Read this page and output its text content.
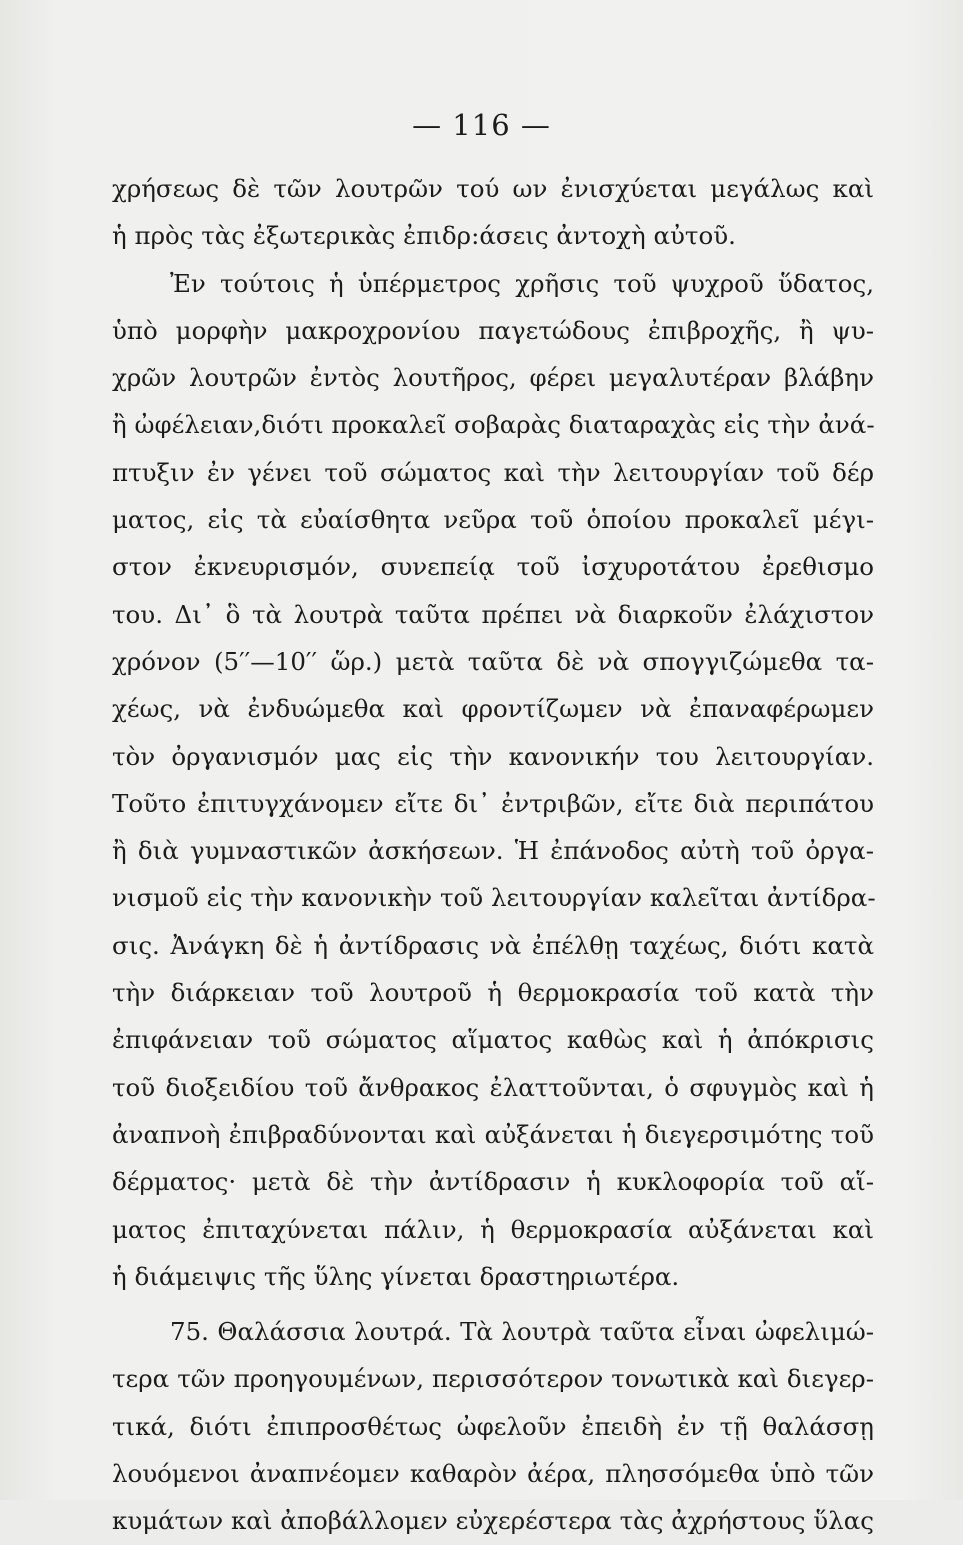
— 116 —
χρήσεως δὲ τῶν λουτρῶν τού ων ἐνισχύεται μεγάλως καὶ
ἡ πρὸς τὰς ἐξωτερικὰς ἐπιδρ:άσεις ἀντοχὴ αὐτοῦ.
Ἐν τούτοις ἡ ὑπέρμετρος χρῆσις τοῦ ψυχροῦ ὕδατος,
ὑπὸ μορφὴν μακροχρονίου παγετώδους ἐπιβροχῆς, ἢ ψυ-
χρῶν λουτρῶν ἐντὸς λουτῆρος, φέρει μεγαλυτέραν βλάβην
ἢ ὠφέλειαν,διότι προκαλεῖ σοβαρὰς διαταραχὰς εἰς τὴν ἀνά-
πτυξιν ἐν γένει τοῦ σώματος καὶ τὴν λειτουργίαν τοῦ δέρ
ματος, εἰς τὰ εὐαίσθητα νεῦρα τοῦ ὁποίου προκαλεῖ μέγι-
στον ἐκνευρισμόν, συνεπείᾳ τοῦ ἰσχυροτάτου ἐρεθισμο
του. Δι᾽ ὃ τὰ λουτρὰ ταῦτα πρέπει νὰ διαρκοῦν ἐλάχιστον
χρόνον (5′′—10′′ ὥρ.) μετὰ ταῦτα δὲ νὰ σπογγιζώμεθα τα-
χέως, νὰ ἐνδυώμεθα καὶ φροντίζωμεν νὰ ἐπαναφέρωμεν
τὸν ὀργανισμόν μας εἰς τὴν κανονικήν του λειτουργίαν.
Τοῦτο ἐπιτυγχάνομεν εἴτε δι᾽ ἐντριβῶν, εἴτε διὰ περιπάτου
ἢ διὰ γυμναστικῶν ἀσκήσεων. Ἡ ἐπάνοδος αὐτὴ τοῦ ὀργα-
νισμοῦ εἰς τὴν κανονικὴν τοῦ λειτουργίαν καλεῖται ἀντίδρα-
σις. Ἀνάγκη δὲ ἡ ἀντίδρασις νὰ ἐπέλθῃ ταχέως, διότι κατὰ
τὴν διάρκειαν τοῦ λουτροῦ ἡ θερμοκρασία τοῦ κατὰ τὴν
ἐπιφάνειαν τοῦ σώματος αἵματος καθὼς καὶ ἡ ἀπόκρισις
τοῦ διοξειδίου τοῦ ἄνθρακος ἐλαττοῦνται, ὁ σφυγμὸς καὶ ἡ
ἀναπνοὴ ἐπιβραδύνονται καὶ αὐξάνεται ἡ διεγερσιμότης τοῦ
δέρματος· μετὰ δὲ τὴν ἀντίδρασιν ἡ κυκλοφορία τοῦ αἵ-
ματος ἐπιταχύνεται πάλιν, ἡ θερμοκρασία αὐξάνεται καὶ
ἡ διάμειψις τῆς ὕλης γίνεται δραστηριωτέρα.
75. Θαλάσσια λουτρά. Τὰ λουτρὰ ταῦτα εἶναι ὠφελιμώ-
τερα τῶν προηγουμένων, περισσότερον τονωτικὰ καὶ διεγερ-
τικά, διότι ἐπιπροσθέτως ὠφελοῦν ἐπειδὴ ἐν τῇ θαλάσσῃ
λουόμενοι ἀναπνέομεν καθαρὸν ἀέρα, πλησσόμεθα ὑπὸ τῶν
κυμάτων καὶ ἀποβάλλομεν εὐχερέστερα τὰς ἀχρήστους ὕλας
